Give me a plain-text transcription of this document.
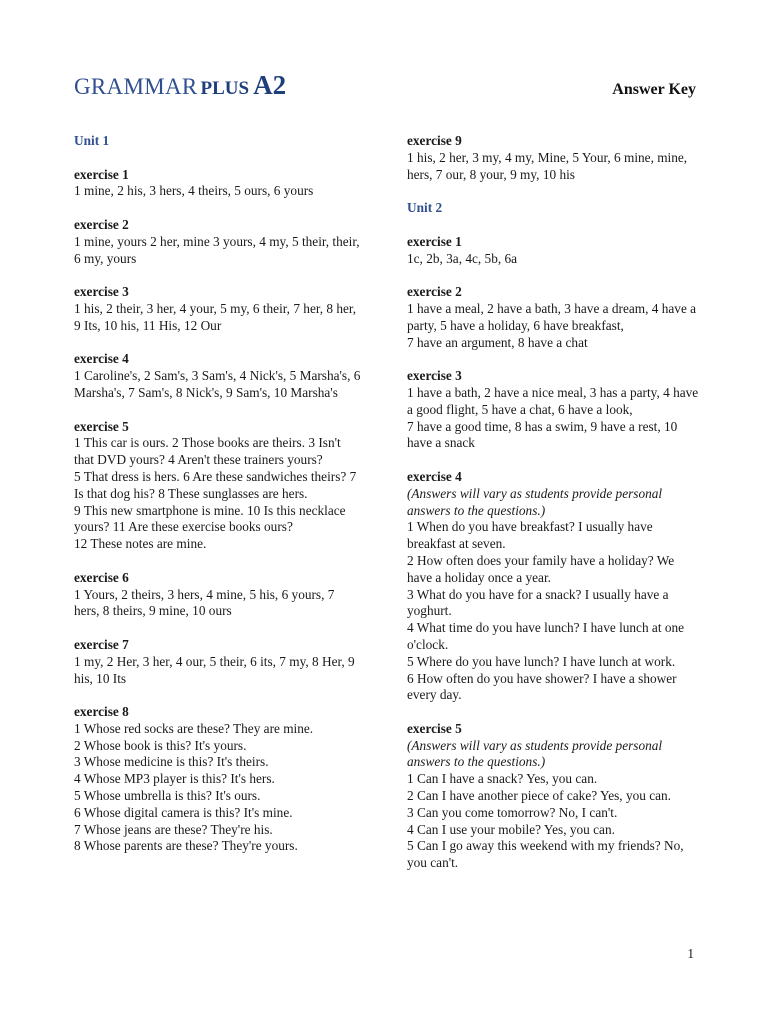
GRAMMAR PLUS A2	Answer Key
Unit 1
exercise 1
1 mine, 2 his, 3 hers, 4 theirs, 5 ours, 6 yours
exercise 2
1 mine, yours 2 her, mine 3 yours, 4 my, 5 their, their, 6 my, yours
exercise 3
1 his, 2 their, 3 her, 4 your, 5 my, 6 their, 7 her, 8 her, 9 Its, 10 his, 11 His, 12 Our
exercise 4
1 Caroline's, 2 Sam's, 3 Sam's, 4 Nick's, 5 Marsha's, 6 Marsha's, 7 Sam's, 8 Nick's, 9 Sam's, 10 Marsha's
exercise 5
1 This car is ours. 2 Those books are theirs. 3 Isn't that DVD yours? 4 Aren't these trainers yours?
5 That dress is hers. 6 Are these sandwiches theirs? 7 Is that dog his? 8 These sunglasses are hers.
9 This new smartphone is mine. 10 Is this necklace yours? 11 Are these exercise books ours?
12 These notes are mine.
exercise 6
1 Yours, 2 theirs, 3 hers, 4 mine, 5 his, 6 yours, 7 hers, 8 theirs, 9 mine, 10 ours
exercise 7
1 my, 2 Her, 3 her, 4 our, 5 their, 6 its, 7 my, 8 Her, 9 his, 10 Its
exercise 8
1 Whose red socks are these? They are mine.
2 Whose book is this? It's yours.
3 Whose medicine is this? It's theirs.
4 Whose MP3 player is this? It's hers.
5 Whose umbrella is this? It's ours.
6 Whose digital camera is this? It's mine.
7 Whose jeans are these? They're his.
8 Whose parents are these? They're yours.
exercise 9
1 his, 2 her, 3 my, 4 my, Mine, 5 Your, 6 mine, mine, hers, 7 our, 8 your, 9 my, 10 his
Unit 2
exercise 1
1c, 2b, 3a, 4c, 5b, 6a
exercise 2
1 have a meal, 2 have a bath, 3 have a dream, 4 have a party, 5 have a holiday, 6 have breakfast,
7 have an argument, 8 have a chat
exercise 3
1 have a bath, 2 have a nice meal, 3 has a party, 4 have a good flight, 5 have a chat, 6 have a look,
7 have a good time, 8 has a swim, 9 have a rest, 10 have a snack
exercise 4
(Answers will vary as students provide personal answers to the questions.)
1 When do you have breakfast? I usually have breakfast at seven.
2 How often does your family have a holiday? We have a holiday once a year.
3 What do you have for a snack? I usually have a yoghurt.
4 What time do you have lunch? I have lunch at one o'clock.
5 Where do you have lunch? I have lunch at work.
6 How often do you have shower? I have a shower every day.
exercise 5
(Answers will vary as students provide personal answers to the questions.)
1 Can I have a snack? Yes, you can.
2 Can I have another piece of cake? Yes, you can.
3 Can you come tomorrow? No, I can't.
4 Can I use your mobile? Yes, you can.
5 Can I go away this weekend with my friends? No, you can't.
1
